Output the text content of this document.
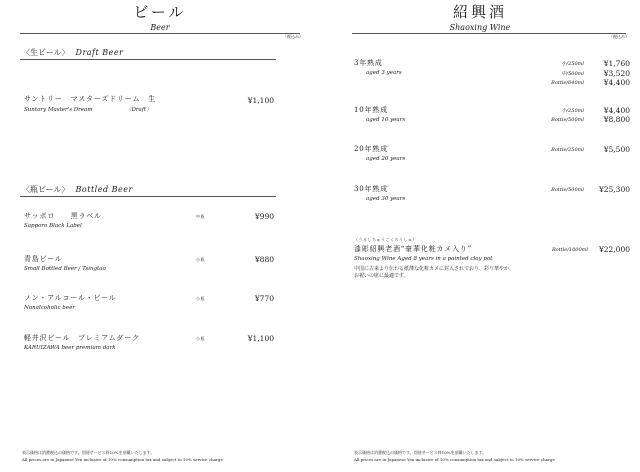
ビール
Beer
（税込み）
〈生ビール〉 Draft Beer
サントリー　マスターズドリーム　生
Suntory Master's Dream	〈Draft〉
¥1,100
〈瓶ビール〉 Bottled Beer
サッポロ　　黒ラベル
Sapporo Black Label
中瓶	¥990
青島ビール
Small Bottled Beer / Tsingtao
小瓶	¥880
ノン・アルコール・ビール
Nonalcoholic beer
小瓶	¥770
軽井沢ビール　プレミアムダーク
KARUIZAWA beer premium dark
小瓶	¥1,100
表示価格は消費税込の価格です。別途サービス料10%を頂戴いたします。
All prices are in Japanese Yen inclusive of 10% consumption tax and subject to 10% service charge
紹興酒
Shaoxing Wine
（税込み）
3年熟成
aged 3 years
小/250ml	¥1,760
中/500ml	¥3,520
Bottle/640ml	¥4,400
10年熟成
aged 10 years
小/250ml	¥4,400
Bottle/500ml	¥8,800
20年熟成
aged 20 years
Bottle/250ml	¥5,500
30年熟成
aged 30 years
Bottle/500ml	¥25,300
（うるしちゅうごくろうしゅ）
漆彫紹興老酒“豪華化粧カメ入り”
Shaoxing Wine Aged 8 years in a painted clay pot
Bottle/1000ml	¥22,000
中国に古来より伝わる紙薄な化粧カメに封入されており、彩り華やか。お祝いの席に最適です。
表示価格は消費税込の価格です。別途サービス料10%を頂戴いたします。
All prices are in Japanese Yen inclusive of 10% consumption tax and subject to 10% service charge
